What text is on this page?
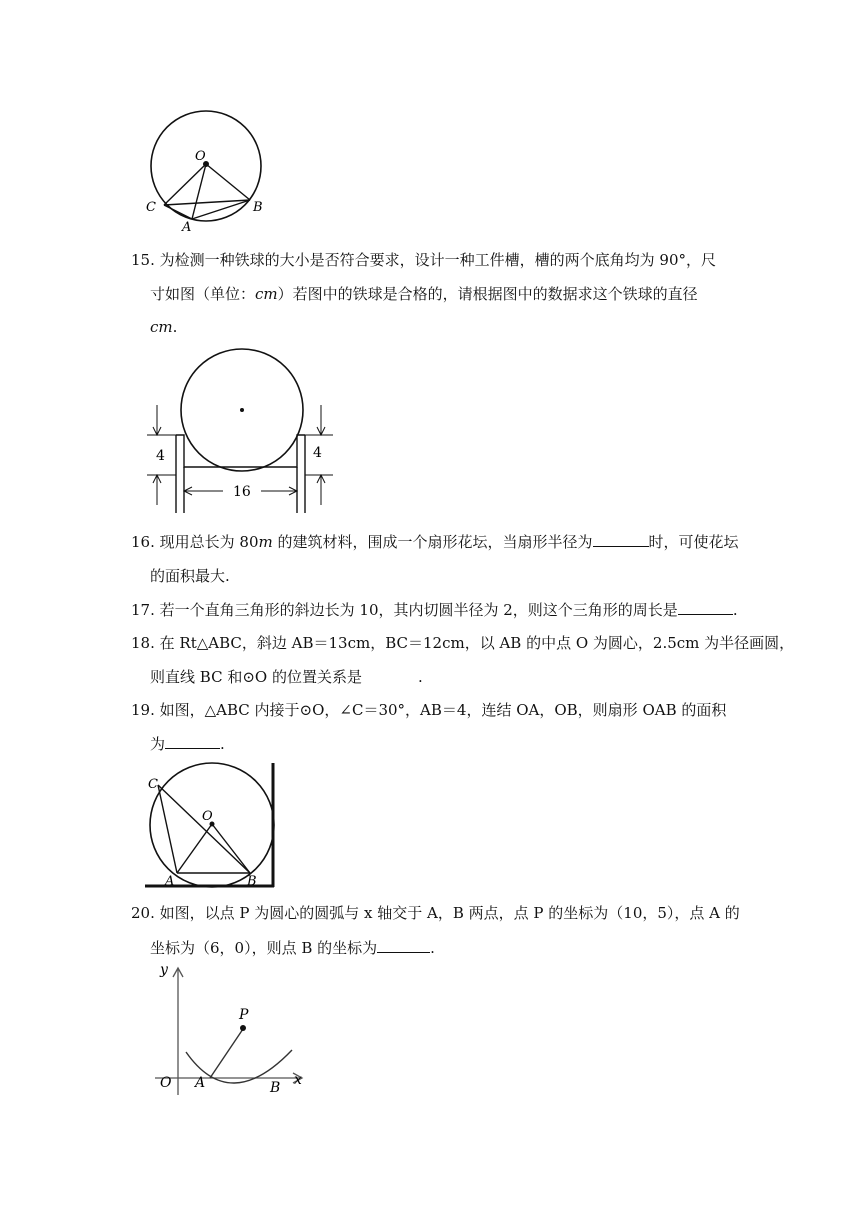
O
C	B
A
15. 为检测一种铁球的大小是否符合要求，设计一种工件槽，槽的两个底角均为 90°，尺
寸如图（单位：cm）若图中的铁球是合格的，请根据图中的数据求这个铁球的直径
cm.
4	4
16
16. 现用总长为 80m 的建筑材料，围成一个扇形花坛，当扇形半径为	时，可使花坛
的面积最大.
17. 若一个直角三角形的斜边长为 10，其内切圆半径为 2，则这个三角形的周长是	.
18. 在 Rt△ABC，斜边 AB＝13cm，BC＝12cm，以 AB 的中点 O 为圆心，2.5cm 为半径画圆，
则直线 BC 和⊙O 的位置关系是	.
19. 如图，△ABC 内接于⊙O，∠C＝30°，AB＝4，连结 OA，OB，则扇形 OAB 的面积
为	.
C
O
A	B
20. 如图，以点 P 为圆心的圆弧与 x 轴交于 A，B 两点，点 P 的坐标为（10，5），点 A 的
坐标为（6，0），则点 B 的坐标为	.
y
x
O A	B
P
